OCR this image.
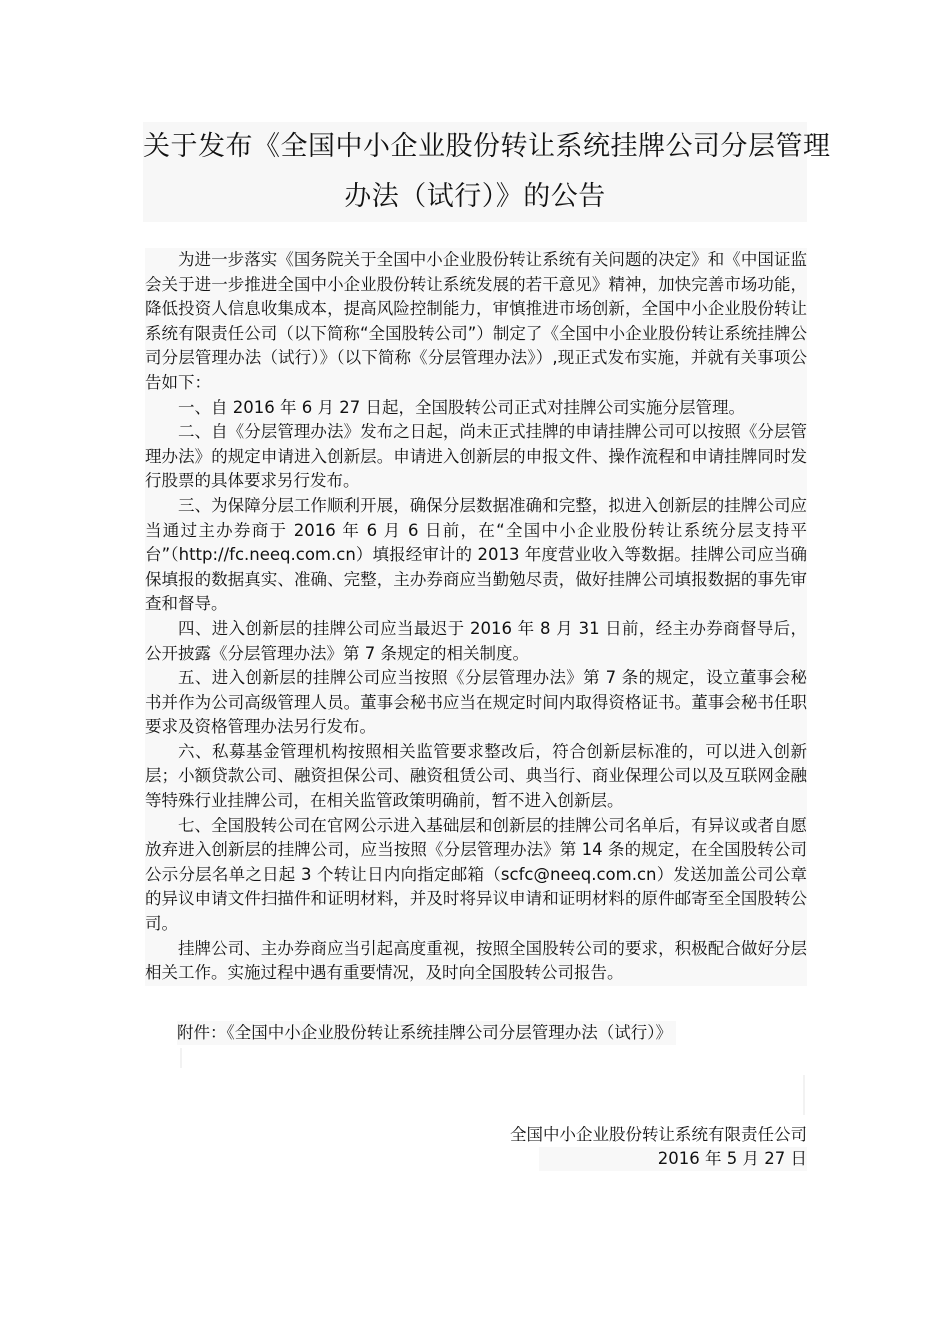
关于发布《全国中小企业股份转让系统挂牌公司分层管理
办法（试行）》的公告

为进一步落实《国务院关于全国中小企业股份转让系统有关问题的决定》和《中国证监会关于进一步推进全国中小企业股份转让系统发展的若干意见》精神，加快完善市场功能，降低投资人信息收集成本，提高风险控制能力，审慎推进市场创新，全国中小企业股份转让系统有限责任公司（以下简称“全国股转公司”）制定了《全国中小企业股份转让系统挂牌公司分层管理办法（试行）》（以下简称《分层管理办法》）,现正式发布实施，并就有关事项公告如下：

一、自 2016 年 6 月 27 日起，全国股转公司正式对挂牌公司实施分层管理。

二、自《分层管理办法》发布之日起，尚未正式挂牌的申请挂牌公司可以按照《分层管理办法》的规定申请进入创新层。申请进入创新层的申报文件、操作流程和申请挂牌同时发行股票的具体要求另行发布。

三、为保障分层工作顺利开展，确保分层数据准确和完整，拟进入创新层的挂牌公司应当通过主办券商于 2016 年 6 月 6 日前，在“全国中小企业股份转让系统分层支持平台”（http://fc.neeq.com.cn）填报经审计的 2013 年度营业收入等数据。挂牌公司应当确保填报的数据真实、准确、完整，主办券商应当勤勉尽责，做好挂牌公司填报数据的事先审查和督导。

四、进入创新层的挂牌公司应当最迟于 2016 年 8 月 31 日前，经主办券商督导后，公开披露《分层管理办法》第 7 条规定的相关制度。

五、进入创新层的挂牌公司应当按照《分层管理办法》第 7 条的规定，设立董事会秘书并作为公司高级管理人员。董事会秘书应当在规定时间内取得资格证书。董事会秘书任职要求及资格管理办法另行发布。

六、私募基金管理机构按照相关监管要求整改后，符合创新层标准的，可以进入创新层；小额贷款公司、融资担保公司、融资租赁公司、典当行、商业保理公司以及互联网金融等特殊行业挂牌公司，在相关监管政策明确前，暂不进入创新层。

七、全国股转公司在官网公示进入基础层和创新层的挂牌公司名单后，有异议或者自愿放弃进入创新层的挂牌公司，应当按照《分层管理办法》第 14 条的规定，在全国股转公司公示分层名单之日起 3 个转让日内向指定邮箱（scfc@neeq.com.cn）发送加盖公司公章的异议申请文件扫描件和证明材料，并及时将异议申请和证明材料的原件邮寄至全国股转公司。

挂牌公司、主办券商应当引起高度重视，按照全国股转公司的要求，积极配合做好分层相关工作。实施过程中遇有重要情况，及时向全国股转公司报告。

附件：《全国中小企业股份转让系统挂牌公司分层管理办法（试行）》
全国中小企业股份转让系统有限责任公司
2016 年 5 月 27 日
